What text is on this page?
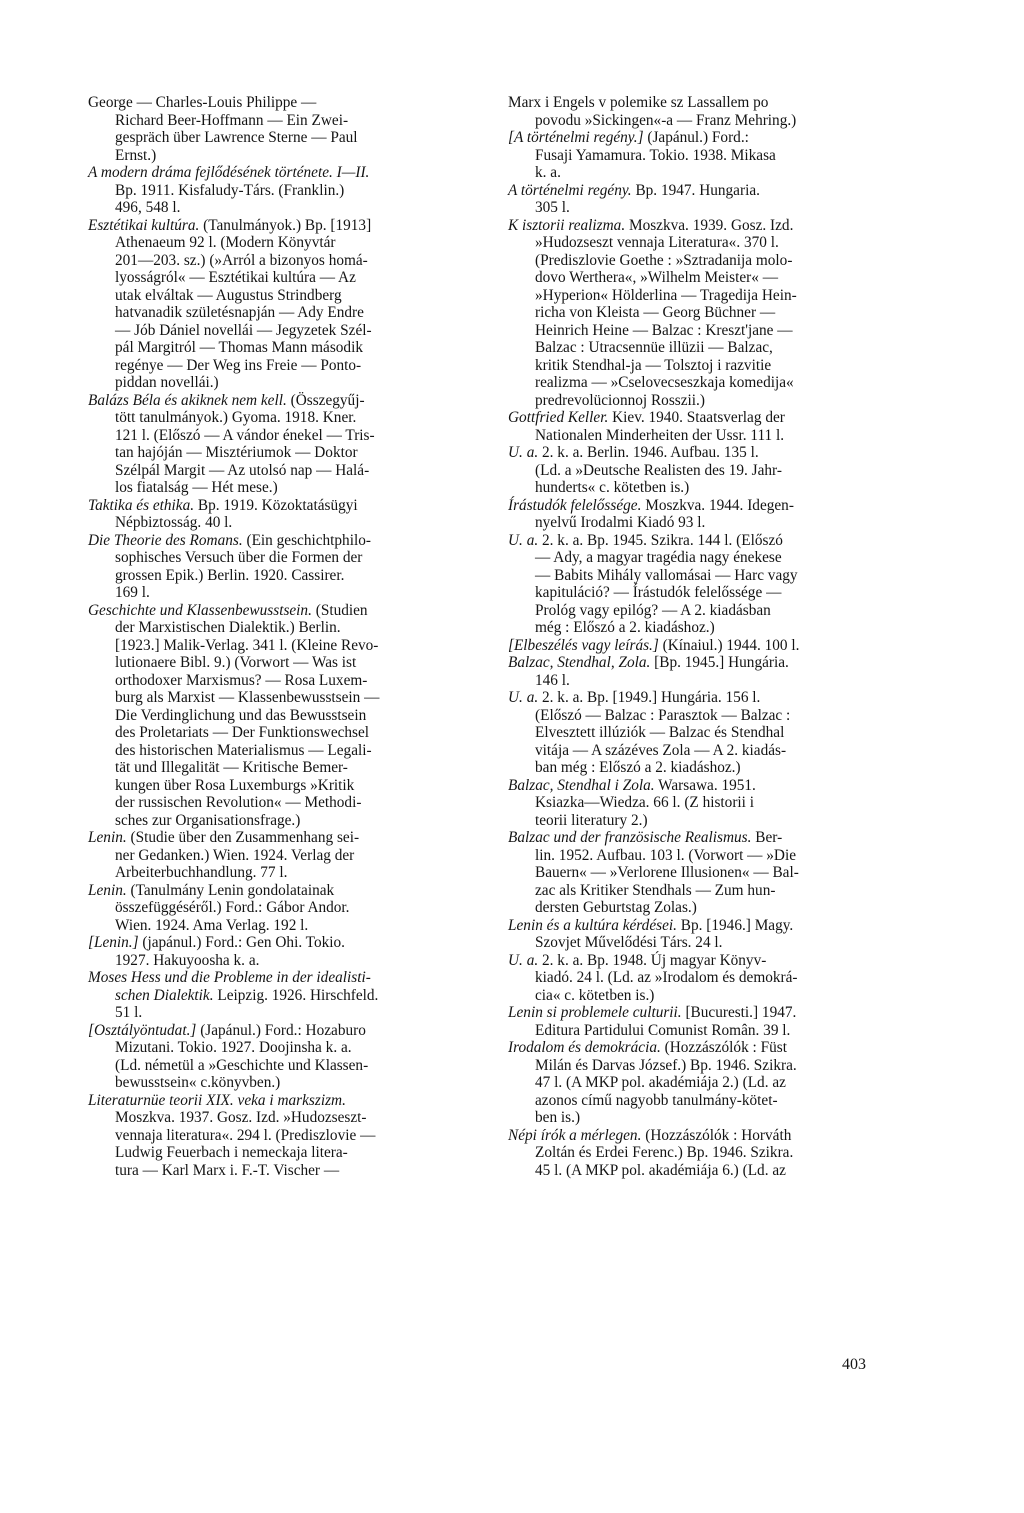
George — Charles-Louis Philippe —
Richard Beer-Hoffmann — Ein Zwei-
gespräch über Lawrence Sterne — Paul
Ernst.)
A modern dráma fejlődésének története. I—II.
Bp. 1911. Kisfaludy-Társ. (Franklin.)
496, 548 l.
Esztétikai kultúra. (Tanulmányok.) Bp. [1913]
Athenaeum 92 l. (Modern Könyvtár
201—203. sz.) (»Arról a bizonyos homá-
lyosságról« — Esztétikai kultúra — Az
utak elváltak — Augustus Strindberg
hatvanadik születésnapján — Ady Endre
— Jób Dániel novellái — Jegyzetek Szél-
pál Margitról — Thomas Mann második
regénye — Der Weg ins Freie — Ponto-
piddan novellái.)
Balázs Béla és akiknek nem kell. (Összegyűj-
tött tanulmányok.) Gyoma. 1918. Kner.
121 l. (Előszó — A vándor énekel — Tris-
tan hajóján — Misztériumok — Doktor
Szélpál Margit — Az utolsó nap — Halá-
los fiatalság — Hét mese.)
Taktika és ethika. Bp. 1919. Közoktatásügyi
Népbiztosság. 40 l.
Die Theorie des Romans. (Ein geschichtphilo-
sophisches Versuch über die Formen der
grossen Epik.) Berlin. 1920. Cassirer.
169 l.
Geschichte und Klassenbewusstsein. (Studien
der Marxistischen Dialektik.) Berlin.
[1923.] Malik-Verlag. 341 l. (Kleine Revo-
lutionaere Bibl. 9.) (Vorwort — Was ist
orthodoxer Marxismus? — Rosa Luxem-
burg als Marxist — Klassenbewusstsein —
Die Verdinglichung und das Bewusstsein
des Proletariats — Der Funktionswechsel
des historischen Materialismus — Legali-
tät und Illegalität — Kritische Bemer-
kungen über Rosa Luxemburgs »Kritik
der russischen Revolution« — Methodi-
sches zur Organisationsfrage.)
Lenin. (Studie über den Zusammenhang sei-
ner Gedanken.) Wien. 1924. Verlag der
Arbeiterbuchhandlung. 77 l.
Lenin. (Tanulmány Lenin gondolatainak
összefüggéséről.) Ford.: Gábor Andor.
Wien. 1924. Ama Verlag. 192 l.
[Lenin.] (japánul.) Ford.: Gen Ohi. Tokio.
1927. Hakuyoosha k. a.
Moses Hess und die Probleme in der idealisti-
schen Dialektik. Leipzig. 1926. Hirschfeld.
51 l.
[Osztályöntudat.] (Japánul.) Ford.: Hozaburo
Mizutani. Tokio. 1927. Doojinsha k. a.
(Ld. németül a »Geschichte und Klassen-
bewusstsein« c.könyvben.)
Literaturnüe teorii XIX. veka i markszizm.
Moszkva. 1937. Gosz. Izd. »Hudozseszt-
vennaja literatura«. 294 l. (Prediszlovie —
Ludwig Feuerbach i nemeckaja litera-
tura — Karl Marx i. F.-T. Vischer —
Marx i Engels v polemike sz Lassallem po
povodu »Sickingen«-a — Franz Mehring.)
[A történelmi regény.] (Japánul.) Ford.:
Fusaji Yamamura. Tokio. 1938. Mikasa
k. a.
A történelmi regény. Bp. 1947. Hungaria.
305 l.
K isztorii realizma. Moszkva. 1939. Gosz. Izd.
»Hudozseszt vennaja Literatura«. 370 l.
(Prediszlovie Goethe : »Sztradanija molo-
dovo Werthera«, »Wilhelm Meister« —
»Hyperion« Hölderlina — Tragedija Hein-
richa von Kleista — Georg Büchner —
Heinrich Heine — Balzac : Kreszt'jane —
Balzac : Utracsennüe illüzii — Balzac,
kritik Stendhal-ja — Tolsztoj i razvitie
realizma — »Cselovecseszkaja komedija«
predrevolücionnoj Rosszii.)
Gottfried Keller. Kiev. 1940. Staatsverlag der
Nationalen Minderheiten der Ussr. 111 l.
U. a. 2. k. a. Berlin. 1946. Aufbau. 135 l.
(Ld. a »Deutsche Realisten des 19. Jahr-
hunderts« c. kötetben is.)
Írástudók felelőssége. Moszkva. 1944. Idegen-
nyelvű Irodalmi Kiadó 93 l.
U. a. 2. k. a. Bp. 1945. Szikra. 144 l. (Előszó
— Ady, a magyar tragédia nagy énekese
— Babits Mihály vallomásai — Harc vagy
kapituláció? — Írástudók felelőssége —
Prológ vagy epilóg? — A 2. kiadásban
még : Előszó a 2. kiadáshoz.)
[Elbeszélés vagy leírás.] (Kínaiul.) 1944. 100 l.
Balzac, Stendhal, Zola. [Bp. 1945.] Hungária.
146 l.
U. a. 2. k. a. Bp. [1949.] Hungária. 156 l.
(Előszó — Balzac : Parasztok — Balzac :
Elvesztett illúziók — Balzac és Stendhal
vitája — A százéves Zola — A 2. kiadás-
ban még : Előszó a 2. kiadáshoz.)
Balzac, Stendhal i Zola. Warsawa. 1951.
Ksiazka—Wiedza. 66 l. (Z historii i
teorii literatury 2.)
Balzac und der französische Realismus. Ber-
lin. 1952. Aufbau. 103 l. (Vorwort — »Die
Bauern« — »Verlorene Illusionen« — Bal-
zac als Kritiker Stendhals — Zum hun-
dersten Geburtstag Zolas.)
Lenin és a kultúra kérdései. Bp. [1946.] Magy.
Szovjet Művelődési Társ. 24 l.
U. a. 2. k. a. Bp. 1948. Új magyar Könyv-
kiadó. 24 l. (Ld. az »Irodalom és demokrá-
cia« c. kötetben is.)
Lenin si problemele culturii. [Bucuresti.] 1947.
Editura Partidului Comunist Român. 39 l.
Irodalom és demokrácia. (Hozzászólók : Füst
Milán és Darvas József.) Bp. 1946. Szikra.
47 l. (A MKP pol. akadémiája 2.) (Ld. az
azonos című nagyobb tanulmány-kötet-
ben is.)
Népi írók a mérlegen. (Hozzászólók : Horváth
Zoltán és Erdei Ferenc.) Bp. 1946. Szikra.
45 l. (A MKP pol. akadémiája 6.) (Ld. az
403
